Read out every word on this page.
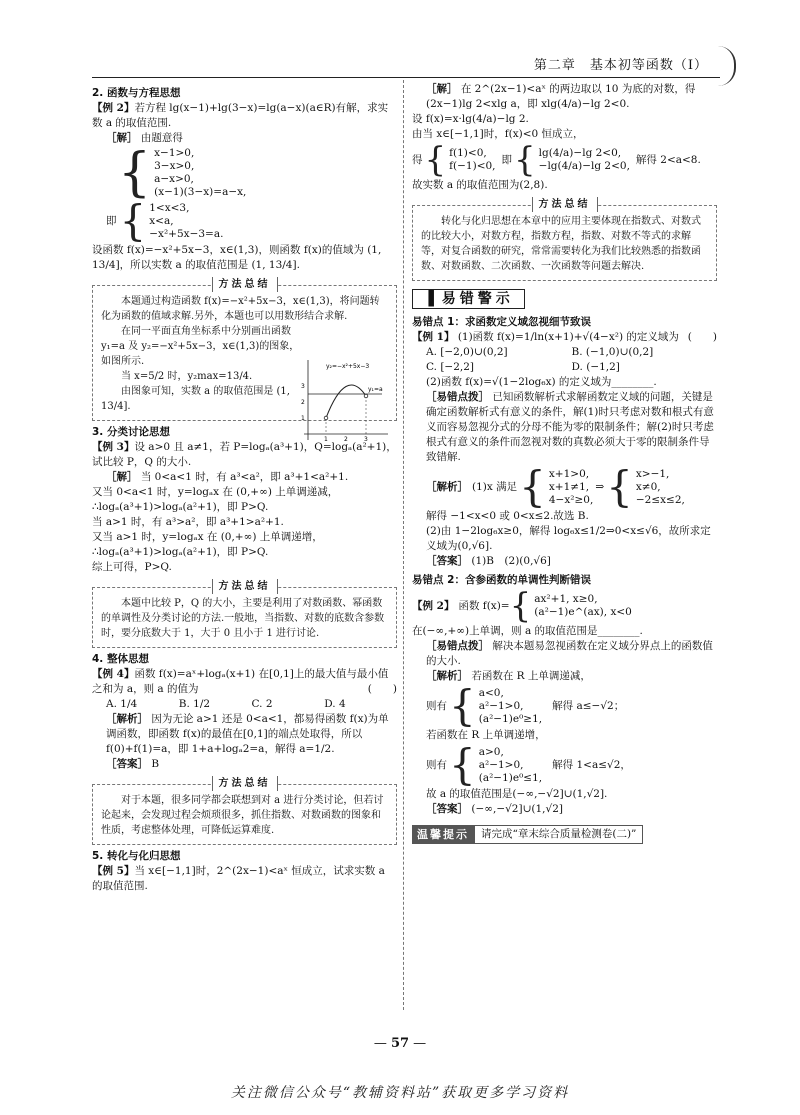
第二章　基本初等函数（Ⅰ）

2. 函数与方程思想

【例 2】若方程 lg(x−1)+lg(3−x)=lg(a−x)(a∈R)有解，求实数 a 的取值范围.

［解］ 由题意得

{ x−1>0,

3−x>0,

a−x>0,

(x−1)(3−x)=a−x,

即 { 1<x<3,

x<a,

−x²+5x−3=a.

设函数 f(x)=−x²+5x−3，x∈(1,3)，则函数 f(x)的值域为 (1, 13/4]，所以实数 a 的取值范围是 (1, 13/4].

方法总结

本题通过构造函数 f(x)=−x²+5x−3，x∈(1,3)，将问题转化为函数的值域求解.另外，本题也可以用数形结合求解.

在同一平面直角坐标系中分别画出函数 y₁=a 及 y₂=−x²+5x−3，x∈(1,3)的图象，如图所示.

当 x=5/2 时，y₂max=13/4.

由图象可知，实数 a 的取值范围是 (1, 13/4].

y₂=−x²+5x−3
y₁=a
1	2	3
1
2
3

3. 分类讨论思想

【例 3】设 a>0 且 a≠1，若 P=logₐ(a³+1)，Q=logₐ(a²+1)，试比较 P，Q 的大小.

［解］ 当 0<a<1 时，有 a³<a²，即 a³+1<a²+1.

又当 0<a<1 时，y=logₐx 在 (0,+∞) 上单调递减，

∴logₐ(a³+1)>logₐ(a²+1)，即 P>Q.

当 a>1 时，有 a³>a²，即 a³+1>a²+1.

又当 a>1 时，y=logₐx 在 (0,+∞) 上单调递增，

∴logₐ(a³+1)>logₐ(a²+1)，即 P>Q.

综上可得，P>Q.

方法总结

本题中比较 P，Q 的大小，主要是利用了对数函数、幂函数的单调性及分类讨论的方法.一般地，当指数、对数的底数含参数时，要分底数大于 1，大于 0 且小于 1 进行讨论.

4. 整体思想

【例 4】函数 f(x)=aˣ+logₐ(x+1) 在[0,1]上的最大值与最小值之和为 a，则 a 的值为	(　　)

A. 1/4	B. 1/2	C. 2	D. 4

［解析］ 因为无论 a>1 还是 0<a<1，都易得函数 f(x)为单调函数，即函数 f(x)的最值在[0,1]的端点处取得，所以 f(0)+f(1)=a，即 1+a+logₐ2=a，解得 a=1/2.

［答案］ B

方法总结

对于本题，很多同学都会联想到对 a 进行分类讨论，但若讨论起来，会发现过程会烦琐很多，抓住指数、对数函数的图象和性质，考虑整体处理，可降低运算难度.

5. 转化与化归思想

【例 5】当 x∈[−1,1]时，2^(2x−1)<aˣ 恒成立，试求实数 a 的取值范围.

［解］ 在 2^(2x−1)<aˣ 的两边取以 10 为底的对数，得(2x−1)lg 2<xlg a，即 xlg(4/a)−lg 2<0.

设 f(x)=x·lg(4/a)−lg 2.

由当 x∈[−1,1]时，f(x)<0 恒成立，

得 { f(1)<0,

f(−1)<0,

即 { lg(4/a)−lg 2<0,

−lg(4/a)−lg 2<0,

解得 2<a<8.

故实数 a 的取值范围为(2,8).

方法总结

转化与化归思想在本章中的应用主要体现在指数式、对数式的比较大小，对数方程，指数方程，指数、对数不等式的求解等，对复合函数的研究，常常需要转化为我们比较熟悉的指数函数、对数函数、二次函数、一次函数等问题去解决.

▐ 易错警示

易错点 1：求函数定义域忽视细节致误

【例 1】 (1)函数 f(x)=1/ln(x+1)+√(4−x²) 的定义域为 (　　)

A. [−2,0)∪(0,2]	B. (−1,0)∪(0,2]
C. [−2,2]	D. (−1,2]

(2)函数 f(x)=√(1−2log₆x) 的定义域为________.

［易错点拨］ 已知函数解析式求解函数定义域的问题，关键是确定函数解析式有意义的条件，解(1)时只考虑对数和根式有意义而容易忽视分式的分母不能为零的限制条件；解(2)时只考虑根式有意义的条件而忽视对数的真数必须大于零的限制条件导致错解.

［解析］ (1)x 满足 { x+1>0,

x+1≠1,

4−x²≥0,

⇒ { x>−1,

x≠0,

−2≤x≤2,

解得 −1<x<0 或 0<x≤2.故选 B.

(2)由 1−2log₆x≥0，解得 log₆x≤1/2⇒0<x≤√6，故所求定义域为(0,√6].

［答案］ (1)B　(2)(0,√6]

易错点 2：含参函数的单调性判断错误

【例 2】 函数 f(x)= { ax²+1, x≥0,

(a²−1)e^(ax), x<0

在(−∞,+∞)上单调，则 a 的取值范围是________.

［易错点拨］ 解决本题易忽视函数在定义域分界点上的函数值的大小.

［解析］ 若函数在 R 上单调递减，

则有 { a<0,

a²−1>0,

(a²−1)e⁰≥1,

解得 a≤−√2；

若函数在 R 上单调递增，

则有 { a>0,

a²−1>0,

(a²−1)e⁰≤1,

解得 1<a≤√2，

故 a 的取值范围是(−∞,−√2]∪(1,√2].

［答案］ (−∞,−√2]∪(1,√2]

温馨提示	请完成“章末综合质量检测卷(二)”
— 57 —
关注微信公众号“教辅资料站”获取更多学习资料
